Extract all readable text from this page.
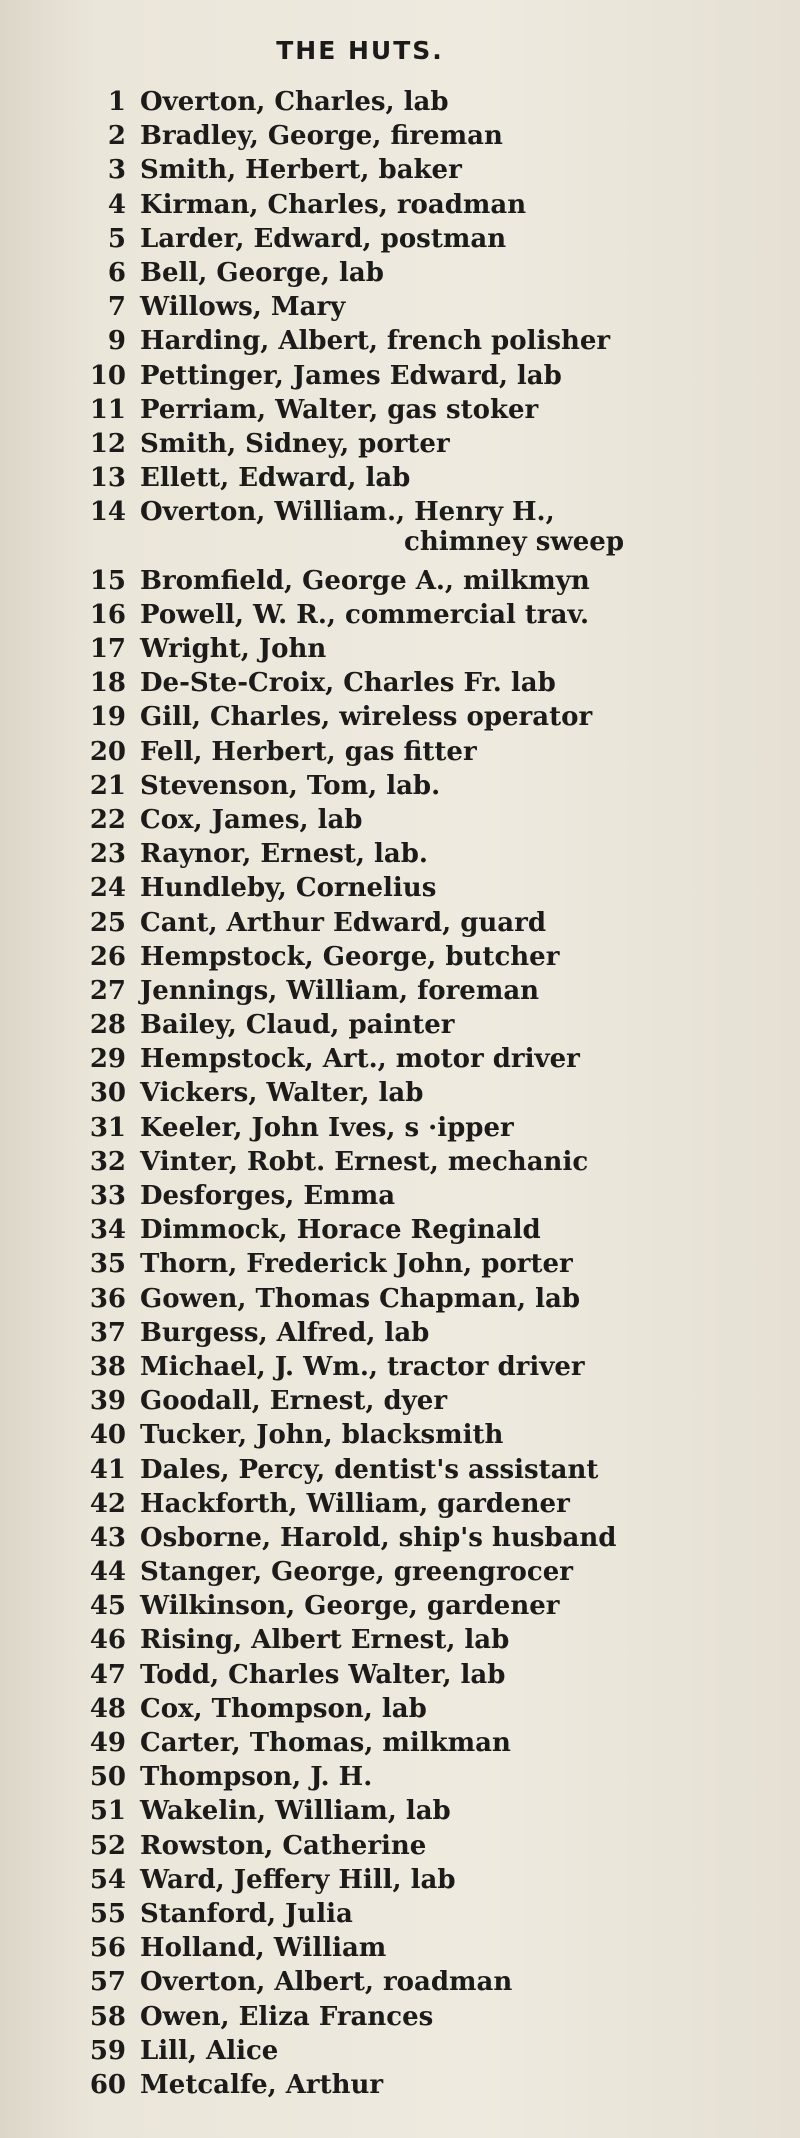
THE HUTS.
1 Overton, Charles, lab
2 Bradley, George, fireman
3 Smith, Herbert, baker
4 Kirman, Charles, roadman
5 Larder, Edward, postman
6 Bell, George, lab
7 Willows, Mary
9 Harding, Albert, french polisher
10 Pettinger, James Edward, lab
11 Perriam, Walter, gas stoker
12 Smith, Sidney, porter
13 Ellett, Edward, lab
14 Overton, William., Henry H.,
chimney sweep
15 Bromfield, George A., milkmyn
16 Powell, W. R., commercial trav.
17 Wright, John
18 De-Ste-Croix, Charles Fr. lab
19 Gill, Charles, wireless operator
20 Fell, Herbert, gas fitter
21 Stevenson, Tom, lab.
22 Cox, James, lab
23 Raynor, Ernest, lab.
24 Hundleby, Cornelius
25 Cant, Arthur Edward, guard
26 Hempstock, George, butcher
27 Jennings, William, foreman
28 Bailey, Claud, painter
29 Hempstock, Art., motor driver
30 Vickers, Walter, lab
31 Keeler, John Ives, s ·ipper
32 Vinter, Robt. Ernest, mechanic
33 Desforges, Emma
34 Dimmock, Horace Reginald
35 Thorn, Frederick John, porter
36 Gowen, Thomas Chapman, lab
37 Burgess, Alfred, lab
38 Michael, J. Wm., tractor driver
39 Goodall, Ernest, dyer
40 Tucker, John, blacksmith
41 Dales, Percy, dentist's assistant
42 Hackforth, William, gardener
43 Osborne, Harold, ship's husband
44 Stanger, George, greengrocer
45 Wilkinson, George, gardener
46 Rising, Albert Ernest, lab
47 Todd, Charles Walter, lab
48 Cox, Thompson, lab
49 Carter, Thomas, milkman
50 Thompson, J. H.
51 Wakelin, William, lab
52 Rowston, Catherine
54 Ward, Jeffery Hill, lab
55 Stanford, Julia
56 Holland, William
57 Overton, Albert, roadman
58 Owen, Eliza Frances
59 Lill, Alice
60 Metcalfe, Arthur
